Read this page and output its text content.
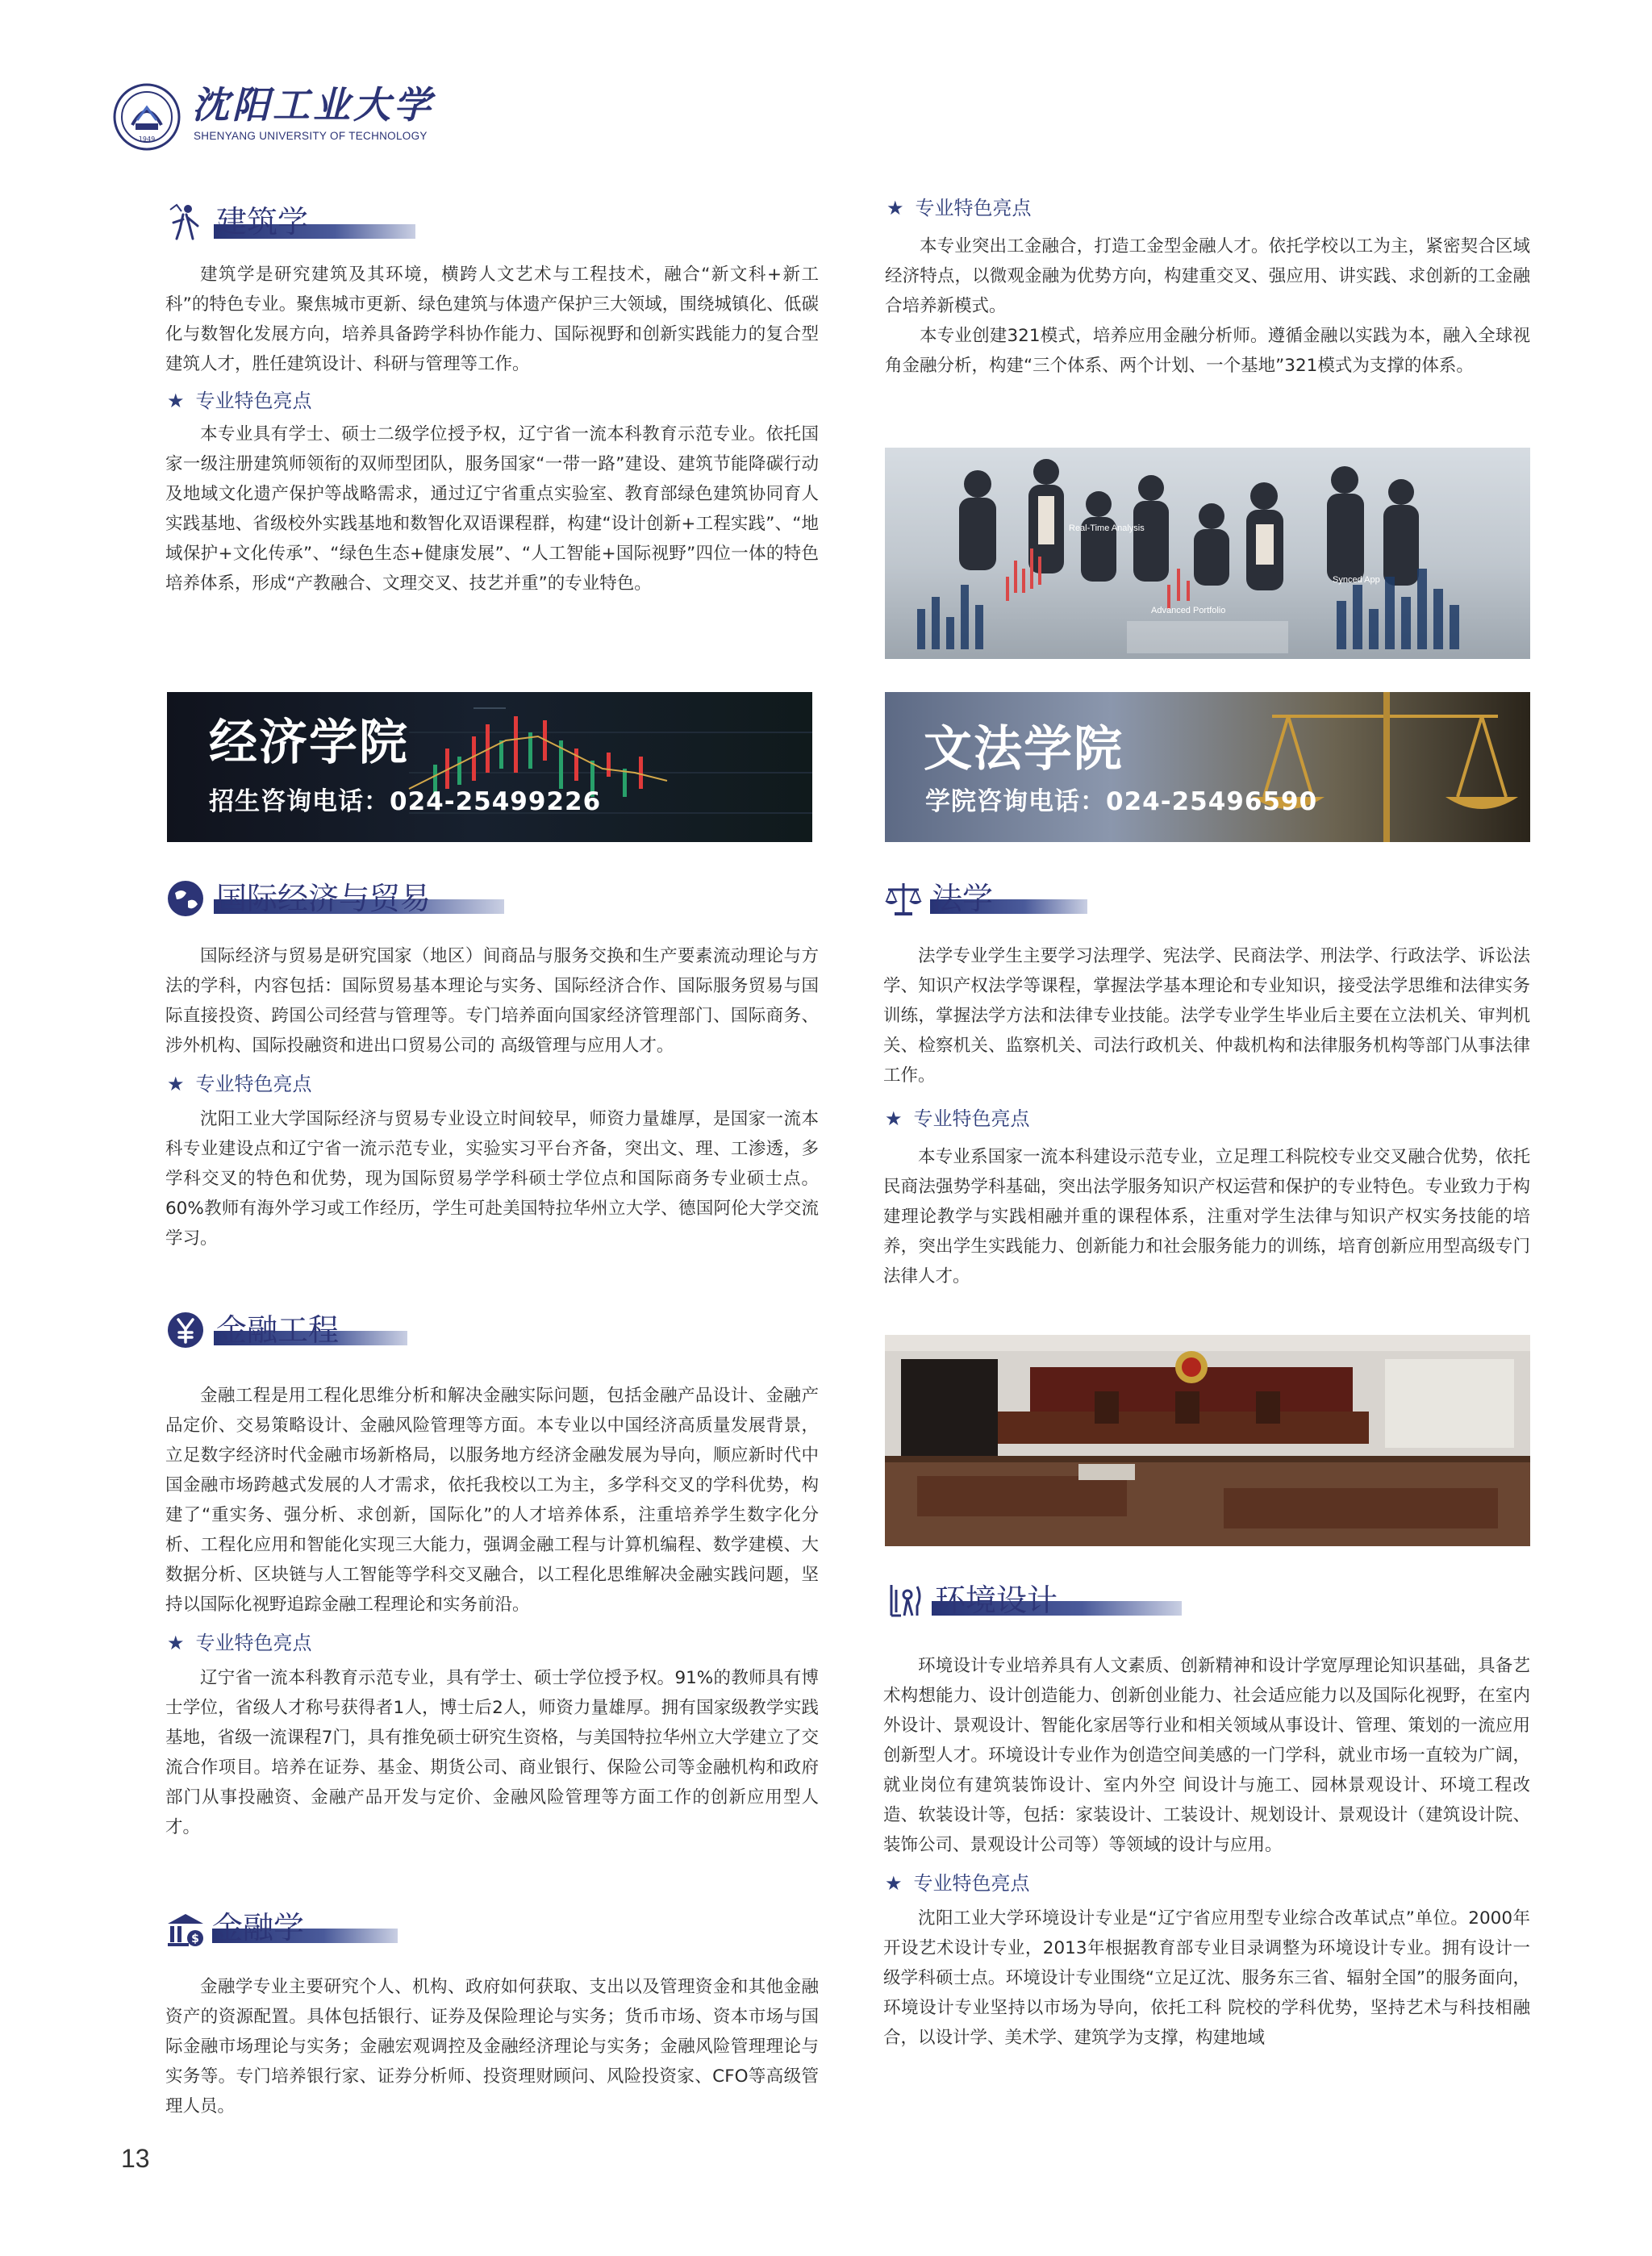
1949
沈阳工业大学
SHENYANG UNIVERSITY OF TECHNOLOGY
建筑学

建筑学是研究建筑及其环境，横跨人文艺术与工程技术，融合“新文科+新工科”的特色专业。聚焦城市更新、绿色建筑与体遗产保护三大领域，围绕城镇化、低碳化与数智化发展方向，培养具备跨学科协作能力、国际视野和创新实践能力的复合型建筑人才，胜任建筑设计、科研与管理等工作。

★ 专业特色亮点

本专业具有学士、硕士二级学位授予权，辽宁省一流本科教育示范专业。依托国家一级注册建筑师领衔的双师型团队，服务国家“一带一路”建设、建筑节能降碳行动及地域文化遗产保护等战略需求，通过辽宁省重点实验室、教育部绿色建筑协同育人实践基地、省级校外实践基地和数智化双语课程群，构建“设计创新+工程实践”、“地域保护+文化传承”、“绿色生态+健康发展”、“人工智能+国际视野”四位一体的特色培养体系，形成“产教融合、文理交叉、技艺并重”的专业特色。

经济学院
招生咨询电话：024-25499226
国际经济与贸易

国际经济与贸易是研究国家（地区）间商品与服务交换和生产要素流动理论与方法的学科，内容包括：国际贸易基本理论与实务、国际经济合作、国际服务贸易与国际直接投资、跨国公司经营与管理等。专门培养面向国家经济管理部门、国际商务、涉外机构、国际投融资和进出口贸易公司的 高级管理与应用人才。

★ 专业特色亮点

沈阳工业大学国际经济与贸易专业设立时间较早，师资力量雄厚，是国家一流本科专业建设点和辽宁省一流示范专业，实验实习平台齐备，突出文、理、工渗透，多学科交叉的特色和优势，现为国际贸易学学科硕士学位点和国际商务专业硕士点。60%教师有海外学习或工作经历，学生可赴美国特拉华州立大学、德国阿伦大学交流学习。

金融工程

金融工程是用工程化思维分析和解决金融实际问题，包括金融产品设计、金融产品定价、交易策略设计、金融风险管理等方面。本专业以中国经济高质量发展背景，立足数字经济时代金融市场新格局，以服务地方经济金融发展为导向，顺应新时代中国金融市场跨越式发展的人才需求，依托我校以工为主，多学科交叉的学科优势，构建了“重实务、强分析、求创新，国际化”的人才培养体系，注重培养学生数字化分析、工程化应用和智能化实现三大能力，强调金融工程与计算机编程、数学建模、大数据分析、区块链与人工智能等学科交叉融合，以工程化思维解决金融实践问题，坚持以国际化视野追踪金融工程理论和实务前沿。

★ 专业特色亮点

辽宁省一流本科教育示范专业，具有学士、硕士学位授予权。91%的教师具有博士学位，省级人才称号获得者1人，博士后2人，师资力量雄厚。拥有国家级教学实践基地，省级一流课程7门，具有推免硕士研究生资格，与美国特拉华州立大学建立了交流合作项目。培养在证券、基金、期货公司、商业银行、保险公司等金融机构和政府部门从事投融资、金融产品开发与定价、金融风险管理等方面工作的创新应用型人才。

$ 金融学

金融学专业主要研究个人、机构、政府如何获取、支出以及管理资金和其他金融资产的资源配置。具体包括银行、证券及保险理论与实务；货币市场、资本市场与国际金融市场理论与实务；金融宏观调控及金融经济理论与实务；金融风险管理理论与实务等。专门培养银行家、证券分析师、投资理财顾问、风险投资家、CFO等高级管理人员。

13
★ 专业特色亮点

本专业突出工金融合，打造工金型金融人才。依托学校以工为主，紧密契合区域经济特点，以微观金融为优势方向，构建重交叉、强应用、讲实践、求创新的工金融合培养新模式。

本专业创建321模式，培养应用金融分析师。遵循金融以实践为本，融入全球视角金融分析，构建“三个体系、两个计划、一个基地”321模式为支撑的体系。

Real-Time Analysis
Advanced Portfolio
Synced App
文法学院
学院咨询电话：024-25496590
法学

法学专业学生主要学习法理学、宪法学、民商法学、刑法学、行政法学、诉讼法学、知识产权法学等课程，掌握法学基本理论和专业知识，接受法学思维和法律实务训练，掌握法学方法和法律专业技能。法学专业学生毕业后主要在立法机关、审判机关、检察机关、监察机关、司法行政机关、仲裁机构和法律服务机构等部门从事法律工作。

★ 专业特色亮点

本专业系国家一流本科建设示范专业，立足理工科院校专业交叉融合优势，依托民商法强势学科基础，突出法学服务知识产权运营和保护的专业特色。专业致力于构建理论教学与实践相融并重的课程体系，注重对学生法律与知识产权实务技能的培养，突出学生实践能力、创新能力和社会服务能力的训练，培育创新应用型高级专门法律人才。

环境设计

环境设计专业培养具有人文素质、创新精神和设计学宽厚理论知识基础，具备艺术构想能力、设计创造能力、创新创业能力、社会适应能力以及国际化视野，在室内外设计、景观设计、智能化家居等行业和相关领域从事设计、管理、策划的一流应用创新型人才。环境设计专业作为创造空间美感的一门学科，就业市场一直较为广阔，就业岗位有建筑装饰设计、室内外空 间设计与施工、园林景观设计、环境工程改造、软装设计等，包括：家装设计、工装设计、规划设计、景观设计（建筑设计院、装饰公司、景观设计公司等）等领域的设计与应用。

★ 专业特色亮点

沈阳工业大学环境设计专业是“辽宁省应用型专业综合改革试点”单位。2000年开设艺术设计专业，2013年根据教育部专业目录调整为环境设计专业。拥有设计一级学科硕士点。环境设计专业围绕“立足辽沈、服务东三省、辐射全国”的服务面向，环境设计专业坚持以市场为导向，依托工科 院校的学科优势，坚持艺术与科技相融合，以设计学、美术学、建筑学为支撑，构建地域
